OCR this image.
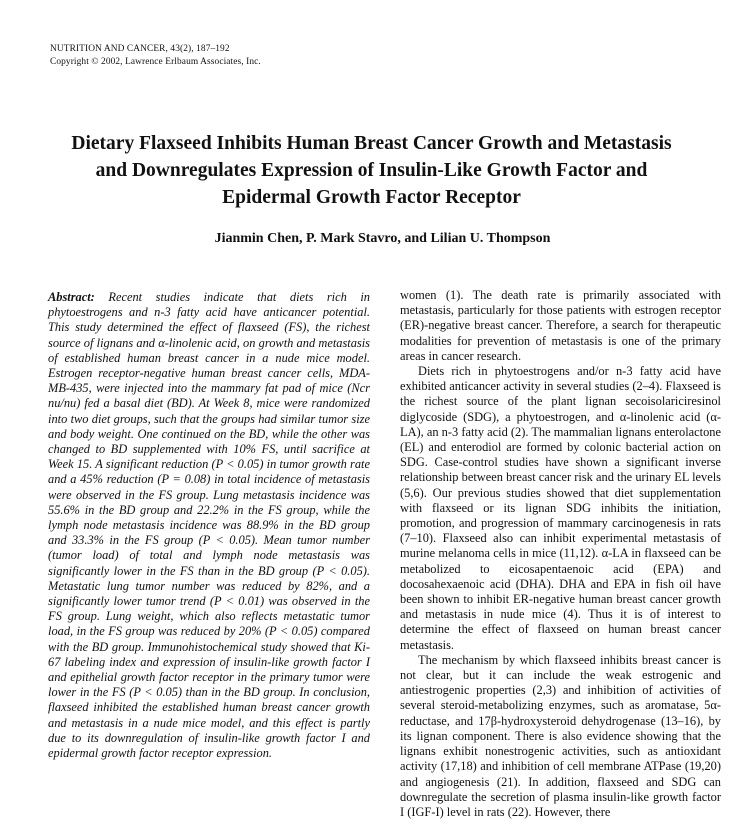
NUTRITION AND CANCER, 43(2), 187–192
Copyright © 2002, Lawrence Erlbaum Associates, Inc.
Dietary Flaxseed Inhibits Human Breast Cancer Growth and Metastasis and Downregulates Expression of Insulin-Like Growth Factor and Epidermal Growth Factor Receptor
Jianmin Chen, P. Mark Stavro, and Lilian U. Thompson
Abstract: Recent studies indicate that diets rich in phytoestrogens and n-3 fatty acid have anticancer potential. This study determined the effect of flaxseed (FS), the richest source of lignans and α-linolenic acid, on growth and metastasis of established human breast cancer in a nude mice model. Estrogen receptor-negative human breast cancer cells, MDA-MB-435, were injected into the mammary fat pad of mice (Ncr nu/nu) fed a basal diet (BD). At Week 8, mice were randomized into two diet groups, such that the groups had similar tumor size and body weight. One continued on the BD, while the other was changed to BD supplemented with 10% FS, until sacrifice at Week 15. A significant reduction (P < 0.05) in tumor growth rate and a 45% reduction (P = 0.08) in total incidence of metastasis were observed in the FS group. Lung metastasis incidence was 55.6% in the BD group and 22.2% in the FS group, while the lymph node metastasis incidence was 88.9% in the BD group and 33.3% in the FS group (P < 0.05). Mean tumor number (tumor load) of total and lymph node metastasis was significantly lower in the FS than in the BD group (P < 0.05). Metastatic lung tumor number was reduced by 82%, and a significantly lower tumor trend (P < 0.01) was observed in the FS group. Lung weight, which also reflects metastatic tumor load, in the FS group was reduced by 20% (P < 0.05) compared with the BD group. Immunohistochemical study showed that Ki-67 labeling index and expression of insulin-like growth factor I and epithelial growth factor receptor in the primary tumor were lower in the FS (P < 0.05) than in the BD group. In conclusion, flaxseed inhibited the established human breast cancer growth and metastasis in a nude mice model, and this effect is partly due to its downregulation of insulin-like growth factor I and epidermal growth factor receptor expression.

women (1). The death rate is primarily associated with metastasis, particularly for those patients with estrogen receptor (ER)-negative breast cancer. Therefore, a search for therapeutic modalities for prevention of metastasis is one of the primary areas in cancer research.

Diets rich in phytoestrogens and/or n-3 fatty acid have exhibited anticancer activity in several studies (2–4). Flaxseed is the richest source of the plant lignan secoisolariciresinol diglycoside (SDG), a phytoestrogen, and α-linolenic acid (α-LA), an n-3 fatty acid (2). The mammalian lignans enterolactone (EL) and enterodiol are formed by colonic bacterial action on SDG. Case-control studies have shown a significant inverse relationship between breast cancer risk and the urinary EL levels (5,6). Our previous studies showed that diet supplementation with flaxseed or its lignan SDG inhibits the initiation, promotion, and progression of mammary carcinogenesis in rats (7–10). Flaxseed also can inhibit experimental metastasis of murine melanoma cells in mice (11,12). α-LA in flaxseed can be metabolized to eicosapentaenoic acid (EPA) and docosahexaenoic acid (DHA). DHA and EPA in fish oil have been shown to inhibit ER-negative human breast cancer growth and metastasis in nude mice (4). Thus it is of interest to determine the effect of flaxseed on human breast cancer metastasis.

The mechanism by which flaxseed inhibits breast cancer is not clear, but it can include the weak estrogenic and antiestrogenic properties (2,3) and inhibition of activities of several steroid-metabolizing enzymes, such as aromatase, 5α-reductase, and 17β-hydroxysteroid dehydrogenase (13–16), by its lignan component. There is also evidence showing that the lignans exhibit nonestrogenic activities, such as antioxidant activity (17,18) and inhibition of cell membrane ATPase (19,20) and angiogenesis (21). In addition, flaxseed and SDG can downregulate the secretion of plasma insulin-like growth factor I (IGF-I) level in rats (22). However, there
